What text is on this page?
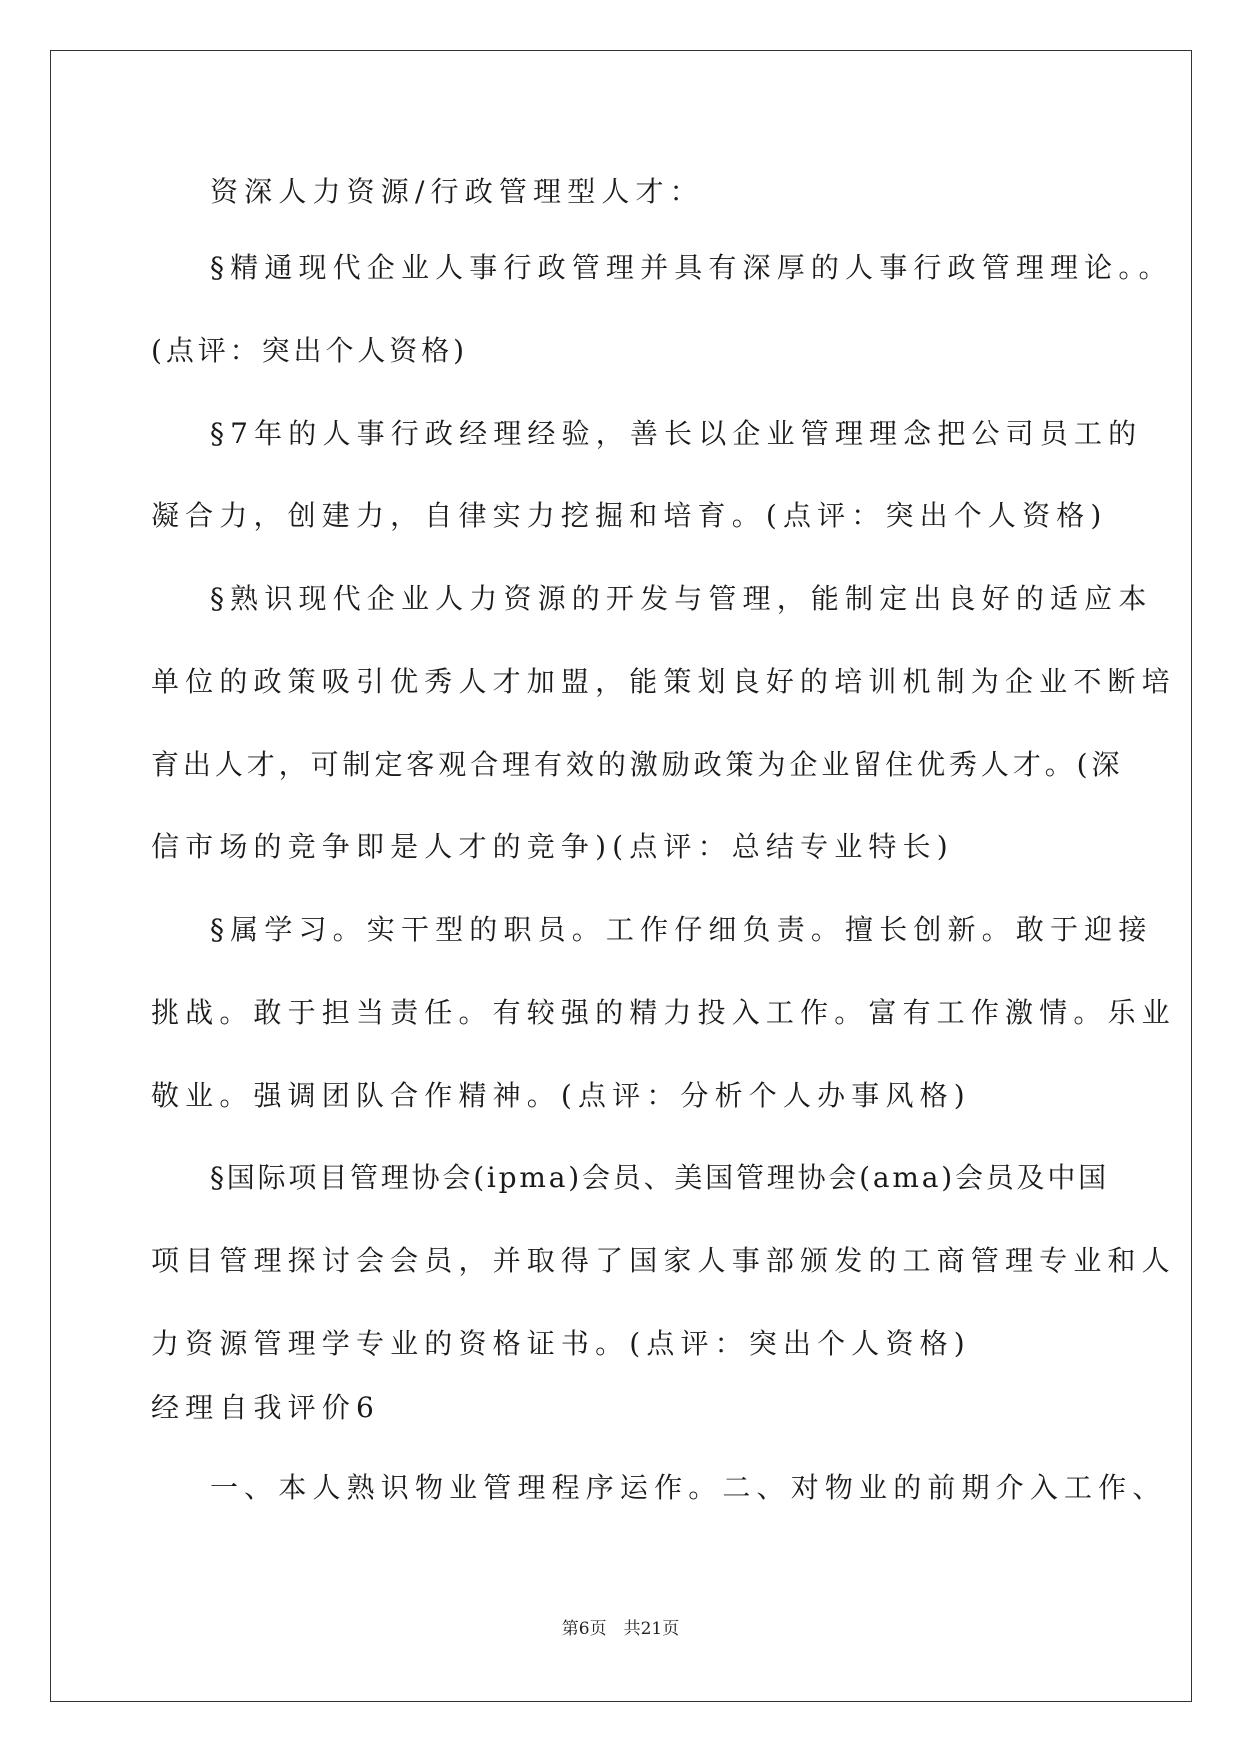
资深人力资源/行政管理型人才：
§精通现代企业人事行政管理并具有深厚的人事行政管理理论。。
(点评：突出个人资格)
§7年的人事行政经理经验，善长以企业管理理念把公司员工的
凝合力，创建力，自律实力挖掘和培育。(点评：突出个人资格)
§熟识现代企业人力资源的开发与管理，能制定出良好的适应本
单位的政策吸引优秀人才加盟，能策划良好的培训机制为企业不断培
育出人才，可制定客观合理有效的激励政策为企业留住优秀人才。(深
信市场的竞争即是人才的竞争)(点评：总结专业特长)
§属学习。实干型的职员。工作仔细负责。擅长创新。敢于迎接
挑战。敢于担当责任。有较强的精力投入工作。富有工作激情。乐业
敬业。强调团队合作精神。(点评：分析个人办事风格)
§国际项目管理协会(ipma)会员、美国管理协会(ama)会员及中国
项目管理探讨会会员，并取得了国家人事部颁发的工商管理专业和人
力资源管理学专业的资格证书。(点评：突出个人资格)
经理自我评价6
一、本人熟识物业管理程序运作。二、对物业的前期介入工作、
第6页　共21页
